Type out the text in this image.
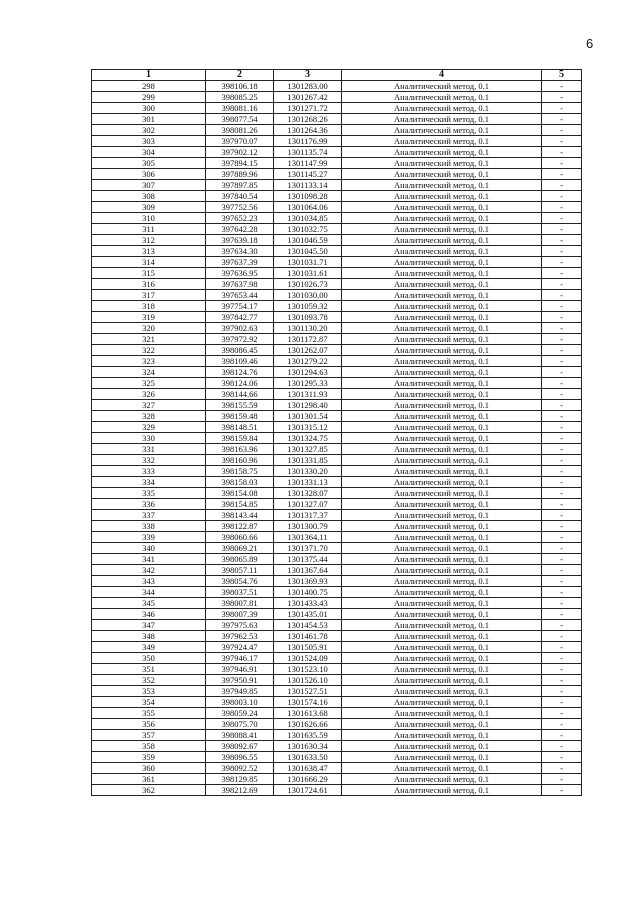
6
1	2	3	4	5
298	398106.18	1301283.00	Аналитический метод, 0.1	-
299	398085.25	1301267.42	Аналитический метод, 0.1	-
300	398081.16	1301271.72	Аналитический метод, 0.1	-
301	398077.54	1301268.26	Аналитический метод, 0.1	-
302	398081.26	1301264.36	Аналитический метод, 0.1	-
303	397970.07	1301176.99	Аналитический метод, 0.1	-
304	397902.12	1301135.74	Аналитический метод, 0.1	-
305	397894.15	1301147.99	Аналитический метод, 0.1	-
306	397889.96	1301145.27	Аналитический метод, 0.1	-
307	397897.85	1301133.14	Аналитический метод, 0.1	-
308	397840.54	1301098.28	Аналитический метод, 0.1	-
309	397752.56	1301064.06	Аналитический метод, 0.1	-
310	397652.23	1301034.85	Аналитический метод, 0.1	-
311	397642.28	1301032.75	Аналитический метод, 0.1	-
312	397639.18	1301046.59	Аналитический метод, 0.1	-
313	397634.30	1301045.50	Аналитический метод, 0.1	-
314	397637.39	1301031.71	Аналитический метод, 0.1	-
315	397636.95	1301031.61	Аналитический метод, 0.1	-
316	397637.98	1301026.73	Аналитический метод, 0.1	-
317	397653.44	1301030.00	Аналитический метод, 0.1	-
318	397754.17	1301059.32	Аналитический метод, 0.1	-
319	397842.77	1301093.78	Аналитический метод, 0.1	-
320	397902.63	1301130.20	Аналитический метод, 0.1	-
321	397972.92	1301172.87	Аналитический метод, 0.1	-
322	398086.45	1301262.07	Аналитический метод, 0.1	-
323	398109.46	1301279.22	Аналитический метод, 0.1	-
324	398124.76	1301294.63	Аналитический метод, 0.1	-
325	398124.06	1301295.33	Аналитический метод, 0.1	-
326	398144.66	1301311.93	Аналитический метод, 0.1	-
327	398155.59	1301298.40	Аналитический метод, 0.1	-
328	398159.48	1301301.54	Аналитический метод, 0.1	-
329	398148.51	1301315.12	Аналитический метод, 0.1	-
330	398159.84	1301324.75	Аналитический метод, 0.1	-
331	398163.96	1301327.85	Аналитический метод, 0.1	-
332	398160.96	1301331.85	Аналитический метод, 0.1	-
333	398158.75	1301330.20	Аналитический метод, 0.1	-
334	398158.03	1301331.13	Аналитический метод, 0.1	-
335	398154.08	1301328.07	Аналитический метод, 0.1	-
336	398154.85	1301327.07	Аналитический метод, 0.1	-
337	398143.44	1301317.37	Аналитический метод, 0.1	-
338	398122.87	1301300.79	Аналитический метод, 0.1	-
339	398060.66	1301364.11	Аналитический метод, 0.1	-
340	398069.21	1301371.70	Аналитический метод, 0.1	-
341	398065.89	1301375.44	Аналитический метод, 0.1	-
342	398057.11	1301367.64	Аналитический метод, 0.1	-
343	398054.76	1301369.93	Аналитический метод, 0.1	-
344	398037.51	1301400.75	Аналитический метод, 0.1	-
345	398007.81	1301433.43	Аналитический метод, 0.1	-
346	398007.39	1301435.01	Аналитический метод, 0.1	-
347	397975.63	1301454.53	Аналитический метод, 0.1	-
348	397962.53	1301461.78	Аналитический метод, 0.1	-
349	397924.47	1301505.91	Аналитический метод, 0.1	-
350	397946.17	1301524.09	Аналитический метод, 0.1	-
351	397946.91	1301523.10	Аналитический метод, 0.1	-
352	397950.91	1301526.10	Аналитический метод, 0.1	-
353	397949.85	1301527.51	Аналитический метод, 0.1	-
354	398003.10	1301574.16	Аналитический метод, 0.1	-
355	398059.24	1301613.68	Аналитический метод, 0.1	-
356	398075.70	1301626.66	Аналитический метод, 0.1	-
357	398088.41	1301635.59	Аналитический метод, 0.1	-
358	398092.67	1301630.34	Аналитический метод, 0.1	-
359	398096.55	1301633.50	Аналитический метод, 0.1	-
360	398092.52	1301638.47	Аналитический метод, 0.1	-
361	398129.85	1301666.29	Аналитический метод, 0.1	-
362	398212.69	1301724.61	Аналитический метод, 0.1	-
